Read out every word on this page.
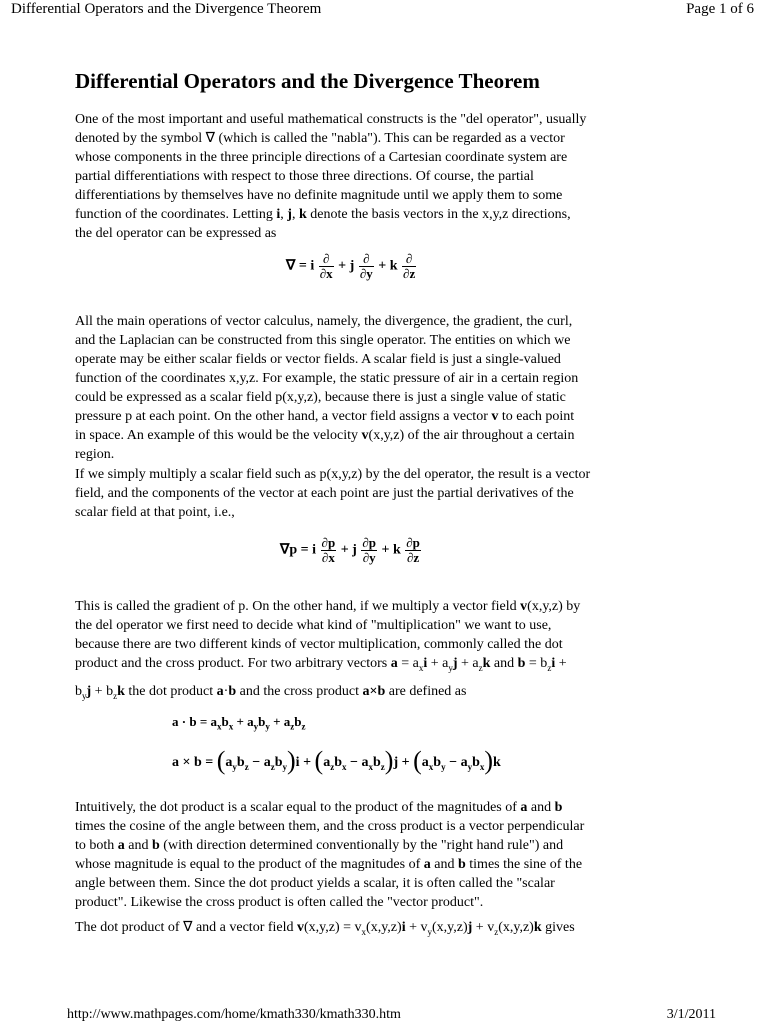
Differential Operators and the Divergence Theorem	Page 1 of 6
Differential Operators and the Divergence Theorem
One of the most important and useful mathematical constructs is the "del operator", usually
denoted by the symbol ∇ (which is called the "nabla"). This can be regarded as a vector
whose components in the three principle directions of a Cartesian coordinate system are
partial differentiations with respect to those three directions. Of course, the partial
differentiations by themselves have no definite magnitude until we apply them to some
function of the coordinates. Letting i, j, k denote the basis vectors in the x,y,z directions,
the del operator can be expressed as
∇ = i $\frac{\partial}{\partial x} + j \frac{\partial}{\partial y} + k \frac{\partial}{\partial z}$
All the main operations of vector calculus, namely, the divergence, the gradient, the curl,
and the Laplacian can be constructed from this single operator. The entities on which we
operate may be either scalar fields or vector fields. A scalar field is just a single-valued
function of the coordinates x,y,z. For example, the static pressure of air in a certain region
could be expressed as a scalar field p(x,y,z), because there is just a single value of static
pressure p at each point. On the other hand, a vector field assigns a vector v to each point
in space. An example of this would be the velocity v(x,y,z) of the air throughout a certain
region.
If we simply multiply a scalar field such as p(x,y,z) by the del operator, the result is a vector
field, and the components of the vector at each point are just the partial derivatives of the
scalar field at that point, i.e.,
∇p = i $\frac{\partial p}{\partial x} + j \frac{\partial p}{\partial y} + k \frac{\partial p}{\partial z}$
This is called the gradient of p. On the other hand, if we multiply a vector field v(x,y,z) by
the del operator we first need to decide what kind of "multiplication" we want to use,
because there are two different kinds of vector multiplication, commonly called the dot
product and the cross product. For two arbitrary vectors $a = a_xi + a_yj + a_zk$ and $b = b_zi$ +
$b_yj + b_zk$ the dot product a·b and the cross product a×b are defined as
$a \cdot b = a_xb_x + a_yb_y + a_zb_z$
$a \times b = (a_yb_z - a_zb_y)i + (a_zb_x - a_xb_z)j + (a_xb_y - a_yb_x)k$
Intuitively, the dot product is a scalar equal to the product of the magnitudes of a and b
times the cosine of the angle between them, and the cross product is a vector perpendicular
to both a and b (with direction determined conventionally by the "right hand rule") and
whose magnitude is equal to the product of the magnitudes of a and b times the sine of the
angle between them. Since the dot product yields a scalar, it is often called the "scalar
product". Likewise the cross product is often called the "vector product".
The dot product of ∇ and a vector field $v(x,y,z) = v_x(x,y,z)i + v_y(x,y,z)j + v_z(x,y,z)k$ gives
http://www.mathpages.com/home/kmath330/kmath330.htm	3/1/2011
